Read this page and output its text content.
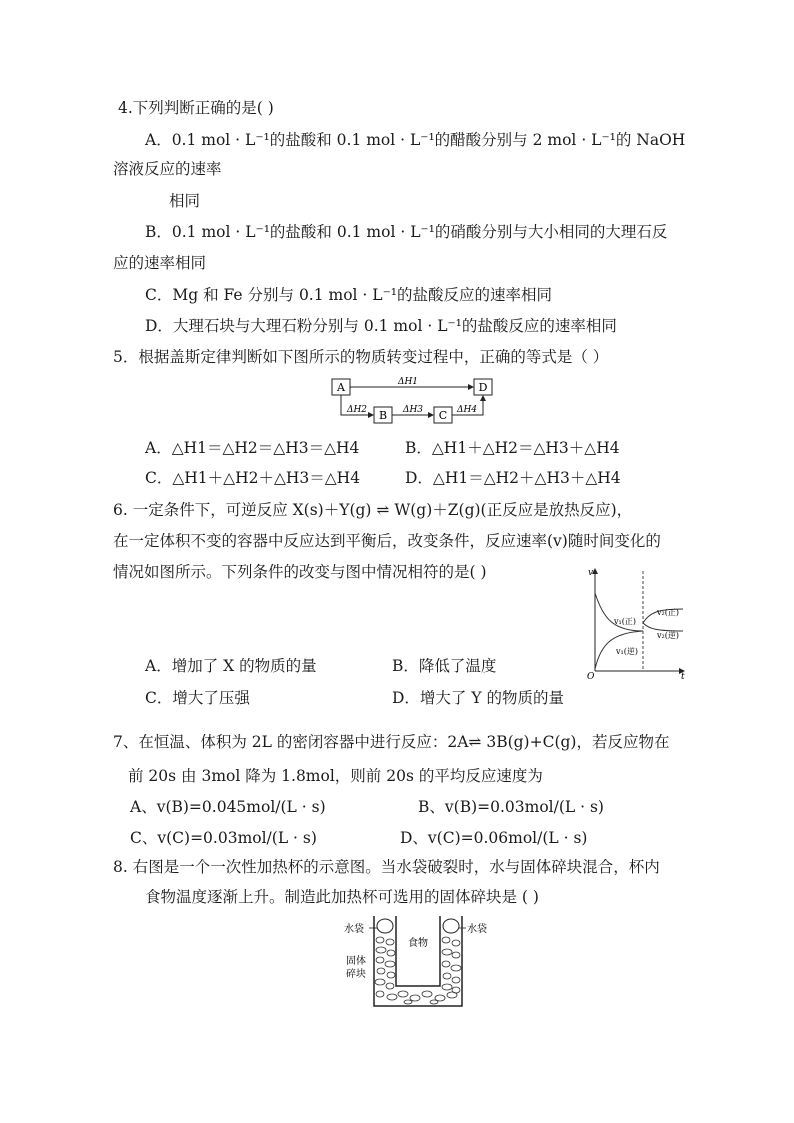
4.下列判断正确的是( )
A．0.1 mol · L⁻¹的盐酸和 0.1 mol · L⁻¹的醋酸分别与 2 mol · L⁻¹的 NaOH
溶液反应的速率
相同
B．0.1 mol · L⁻¹的盐酸和 0.1 mol · L⁻¹的硝酸分别与大小相同的大理石反
应的速率相同
C．Mg 和 Fe 分别与 0.1 mol · L⁻¹的盐酸反应的速率相同
D．大理石块与大理石粉分别与 0.1 mol · L⁻¹的盐酸反应的速率相同
5．根据盖斯定律判断如下图所示的物质转变过程中，正确的等式是（ ）
A	D
B	C
ΔH1
ΔH2	ΔH3	ΔH4
A．△H1＝△H2＝△H3＝△H4	B．△H1＋△H2＝△H3＋△H4
C．△H1＋△H2＋△H3＝△H4	D．△H1＝△H2＋△H3＋△H4
6. 一定条件下，可逆反应 X(s)＋Y(g) ⇌ W(g)＋Z(g)(正反应是放热反应)，
在一定体积不变的容器中反应达到平衡后，改变条件，反应速率(v)随时间变化的
情况如图所示。下列条件的改变与图中情况相符的是( )	v
t
O
v₁(正)
v₁(逆)
v₂(正)
v₂(逆)
A．增加了 X 的物质的量	B．降低了温度
C．增大了压强	D．增大了 Y 的物质的量
7、在恒温、体积为 2L 的密闭容器中进行反应：2A⇌ 3B(g)+C(g)，若反应物在
前 20s 由 3mol 降为 1.8mol，则前 20s 的平均反应速度为
A、v(B)=0.045mol/(L · s)	B、v(B)=0.03mol/(L · s)
C、v(C)=0.03mol/(L · s)	D、v(C)=0.06mol/(L · s)
8. 右图是一个一次性加热杯的示意图。当水袋破裂时，水与固体碎块混合，杯内
食物温度逐渐上升。制造此加热杯可选用的固体碎块是 ( )
水袋	水袋
食物
固体
碎块
